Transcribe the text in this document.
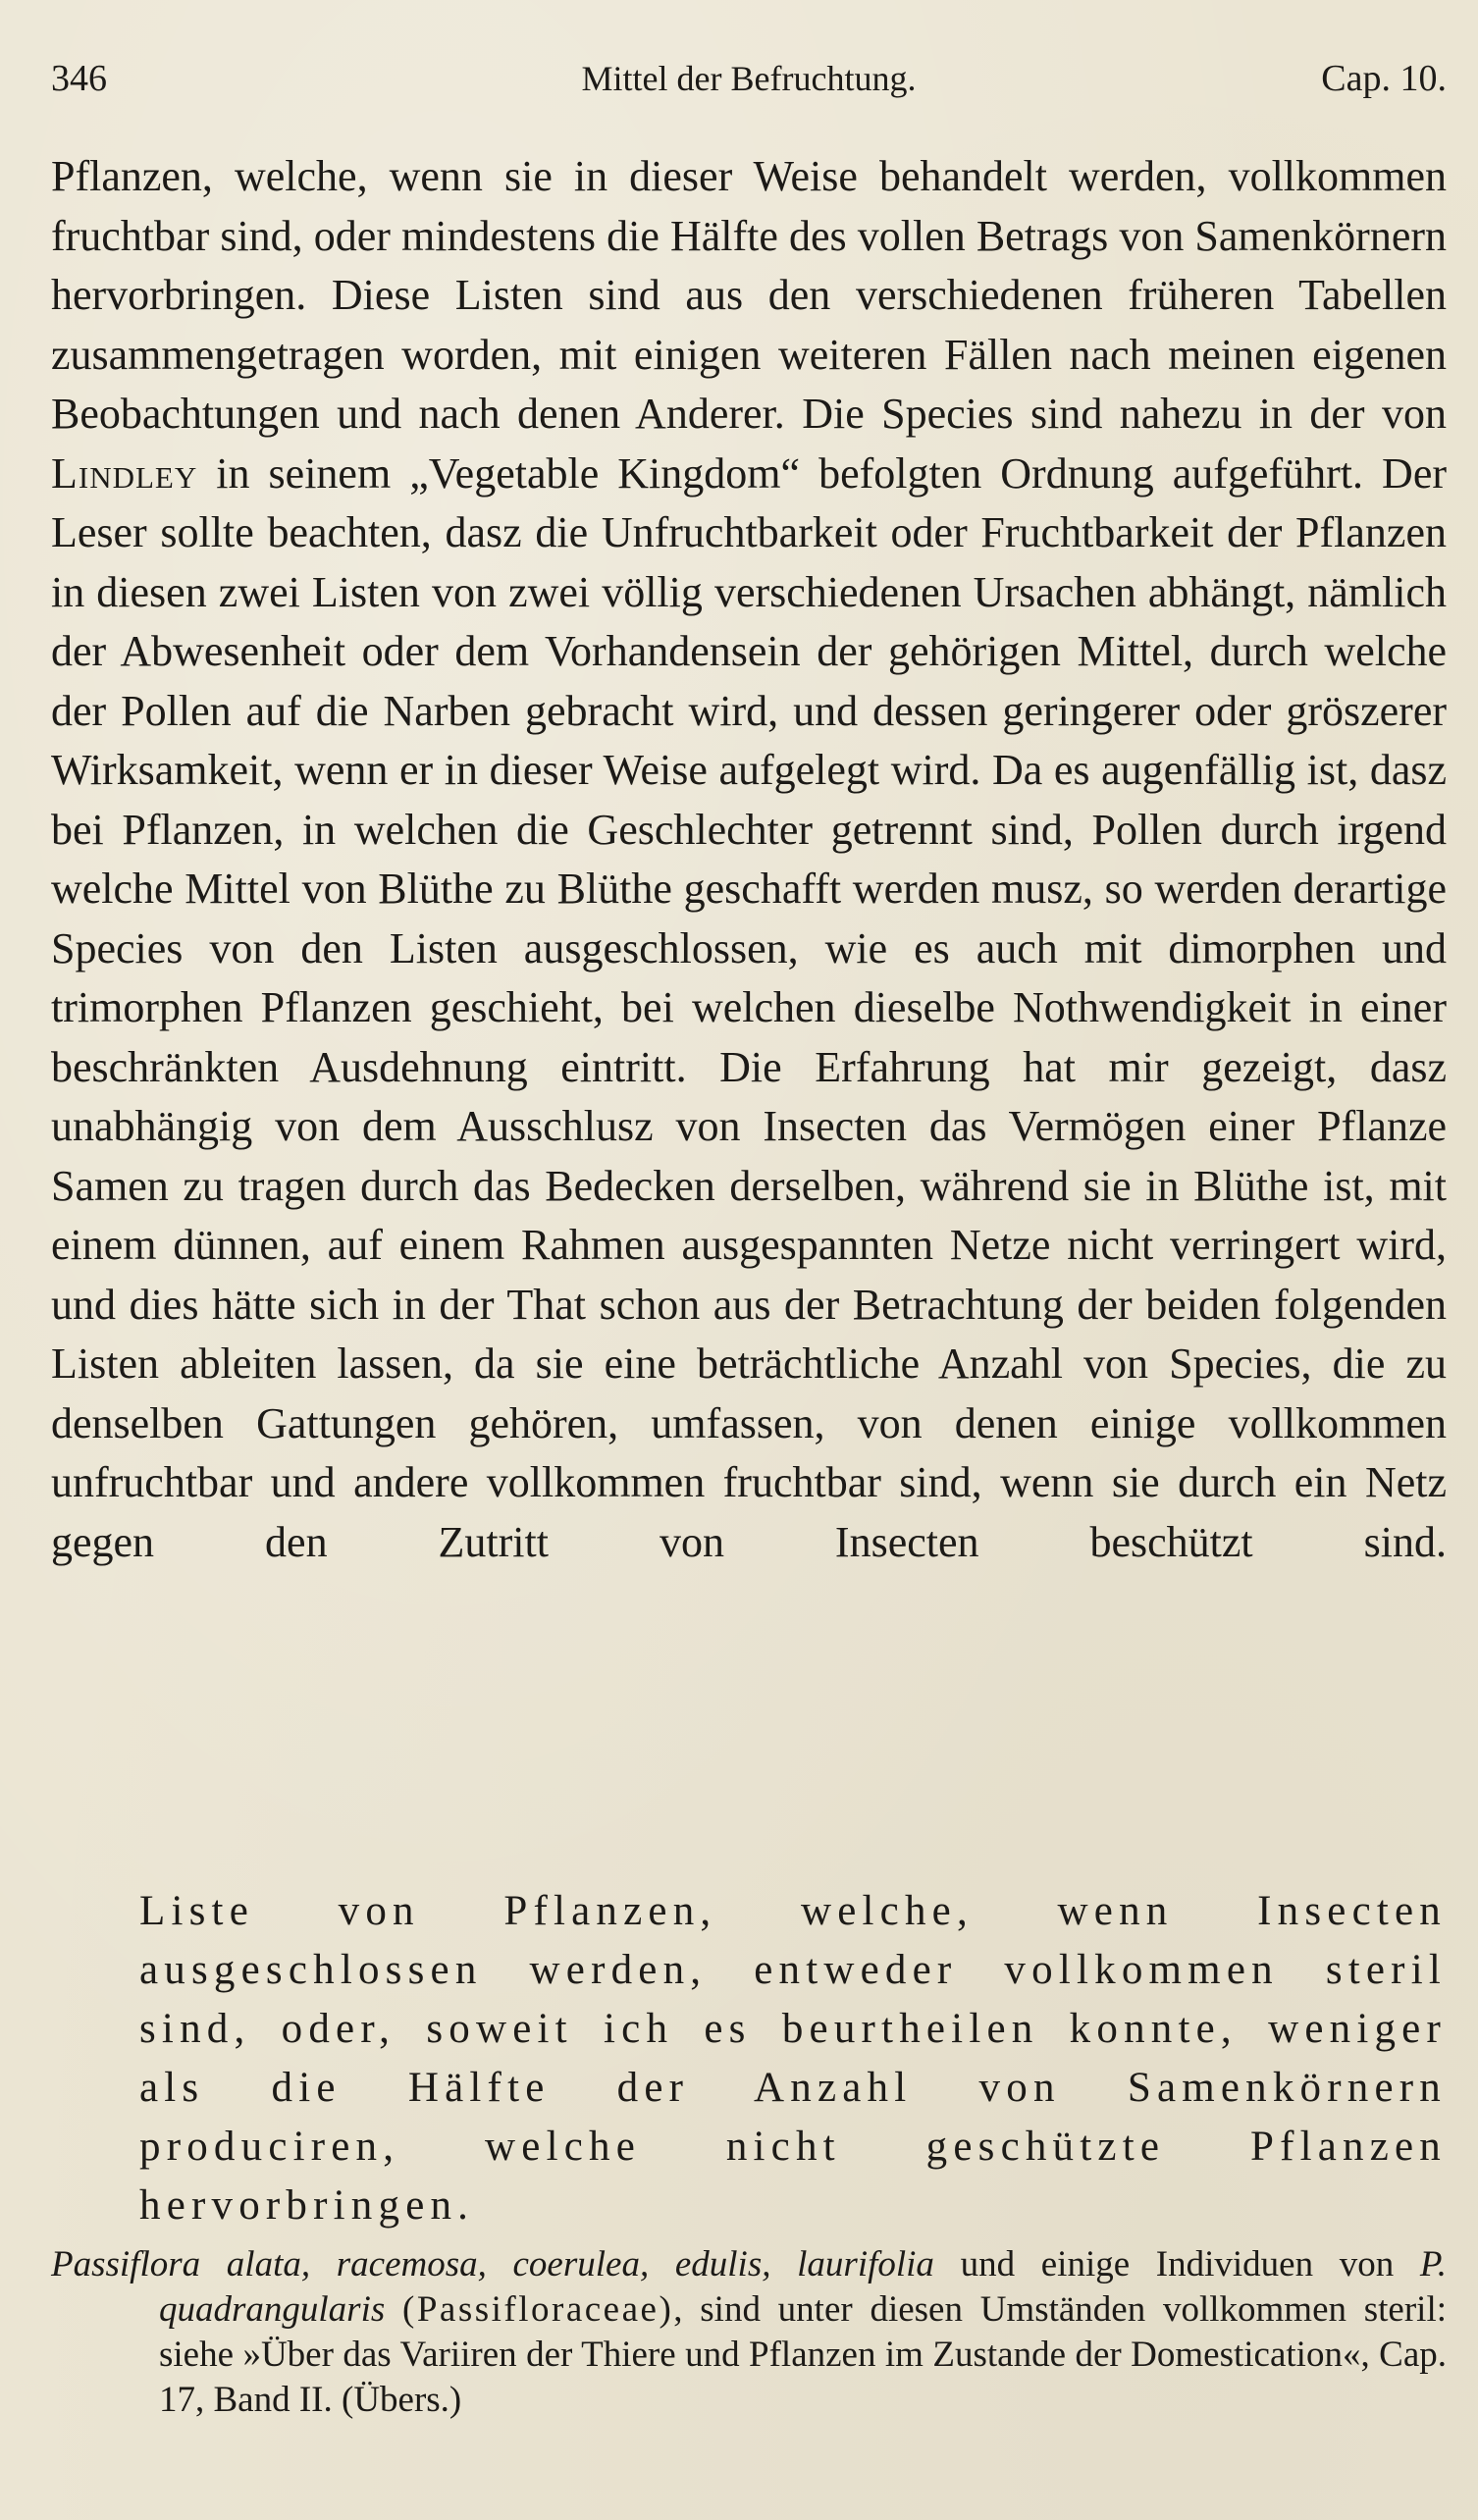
346	Mittel der Befruchtung.	Cap. 10.

Pflanzen, welche, wenn sie in dieser Weise behandelt werden, vollkommen fruchtbar sind, oder mindestens die Hälfte des vollen Betrags von Samenkörnern hervorbringen. Diese Listen sind aus den verschiedenen früheren Tabellen zusammengetragen worden, mit einigen weiteren Fällen nach meinen eigenen Beobachtungen und nach denen Anderer. Die Species sind nahezu in der von Lindley in seinem „Vegetable Kingdom“ befolgten Ordnung aufgeführt. Der Leser sollte beachten, dasz die Unfruchtbarkeit oder Fruchtbarkeit der Pflanzen in diesen zwei Listen von zwei völlig verschiedenen Ursachen abhängt, nämlich der Abwesenheit oder dem Vorhandensein der gehörigen Mittel, durch welche der Pollen auf die Narben gebracht wird, und dessen geringerer oder gröszerer Wirksamkeit, wenn er in dieser Weise aufgelegt wird. Da es augenfällig ist, dasz bei Pflanzen, in welchen die Geschlechter getrennt sind, Pollen durch irgend welche Mittel von Blüthe zu Blüthe geschafft werden musz, so werden derartige Species von den Listen ausgeschlossen, wie es auch mit dimorphen und trimorphen Pflanzen geschieht, bei welchen dieselbe Nothwendigkeit in einer beschränkten Ausdehnung eintritt. Die Erfahrung hat mir gezeigt, dasz unabhängig von dem Ausschlusz von Insecten das Vermögen einer Pflanze Samen zu tragen durch das Bedecken derselben, während sie in Blüthe ist, mit einem dünnen, auf einem Rahmen ausgespannten Netze nicht verringert wird, und dies hätte sich in der That schon aus der Betrachtung der beiden folgenden Listen ableiten lassen, da sie eine beträchtliche Anzahl von Species, die zu denselben Gattungen gehören, umfassen, von denen einige vollkommen unfruchtbar und andere vollkommen fruchtbar sind, wenn sie durch ein Netz gegen den Zutritt von Insecten beschützt sind.

Liste von Pflanzen, welche, wenn Insecten ausgeschlossen werden, entweder vollkommen steril sind, oder, soweit ich es beurtheilen konnte, weniger als die Hälfte der Anzahl von Samenkörnern produciren, welche nicht geschützte Pflanzen hervorbringen.
Passiflora alata, racemosa, coerulea, edulis, laurifolia und einige Individuen von P. quadrangularis (Passifloraceae), sind unter diesen Umständen vollkommen steril: siehe »Über das Variiren der Thiere und Pflanzen im Zustande der Domestication«, Cap. 17, Band II. (Übers.)
